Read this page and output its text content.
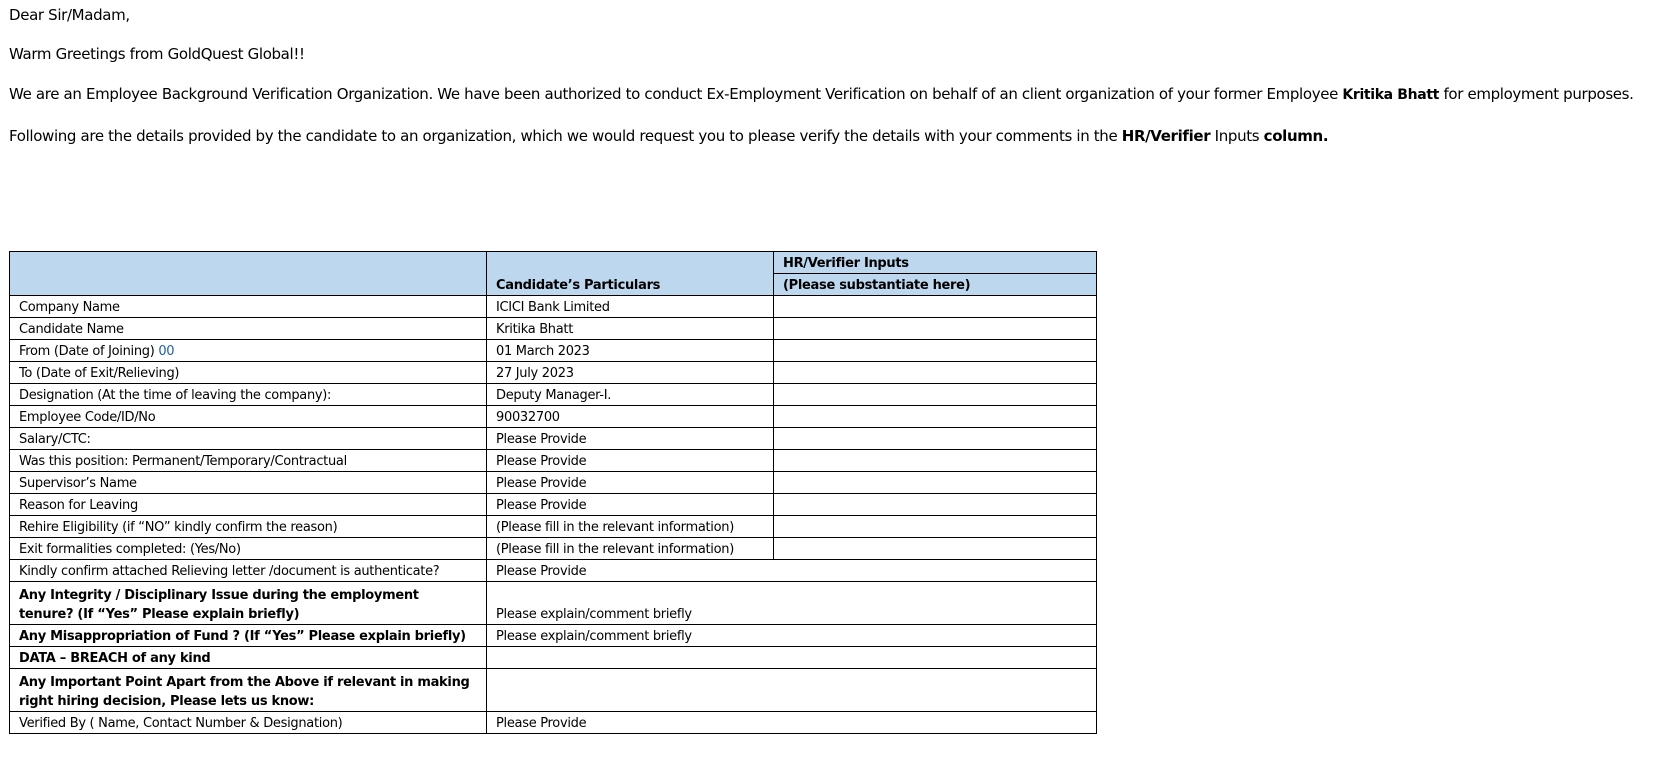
Dear Sir/Madam,

Warm Greetings from GoldQuest Global!!

We are an Employee Background Verification Organization. We have been authorized to conduct Ex-Employment Verification on behalf of an client organization of your former Employee Kritika Bhatt for employment purposes.

Following are the details provided by the candidate to an organization, which we would request you to please verify the details with your comments in the HR/Verifier Inputs column.

	Candidate’s Particulars	HR/Verifier Inputs
		(Please substantiate here)
Company Name	ICICI Bank Limited	
Candidate Name	Kritika Bhatt	
From (Date of Joining) 00	01 March 2023	
To (Date of Exit/Relieving)	27 July 2023	
Designation (At the time of leaving the company):	Deputy Manager-I.	
Employee Code/ID/No	90032700	
Salary/CTC:	Please Provide	
Was this position: Permanent/Temporary/Contractual	Please Provide	
Supervisor’s Name	Please Provide	
Reason for Leaving	Please Provide	
Rehire Eligibility (if “NO” kindly confirm the reason)	(Please fill in the relevant information)	
Exit formalities completed: (Yes/No)	(Please fill in the relevant information)	
Kindly confirm attached Relieving letter /document is authenticate?	Please Provide	
Any Integrity / Disciplinary Issue during the employment tenure? (If “Yes” Please explain briefly)	Please explain/comment briefly	
Any Misappropriation of Fund ? (If “Yes” Please explain briefly)	Please explain/comment briefly	
DATA – BREACH of any kind		
Any Important Point Apart from the Above if relevant in making right hiring decision, Please lets us know:		
Verified By ( Name, Contact Number & Designation)	Please Provide	
